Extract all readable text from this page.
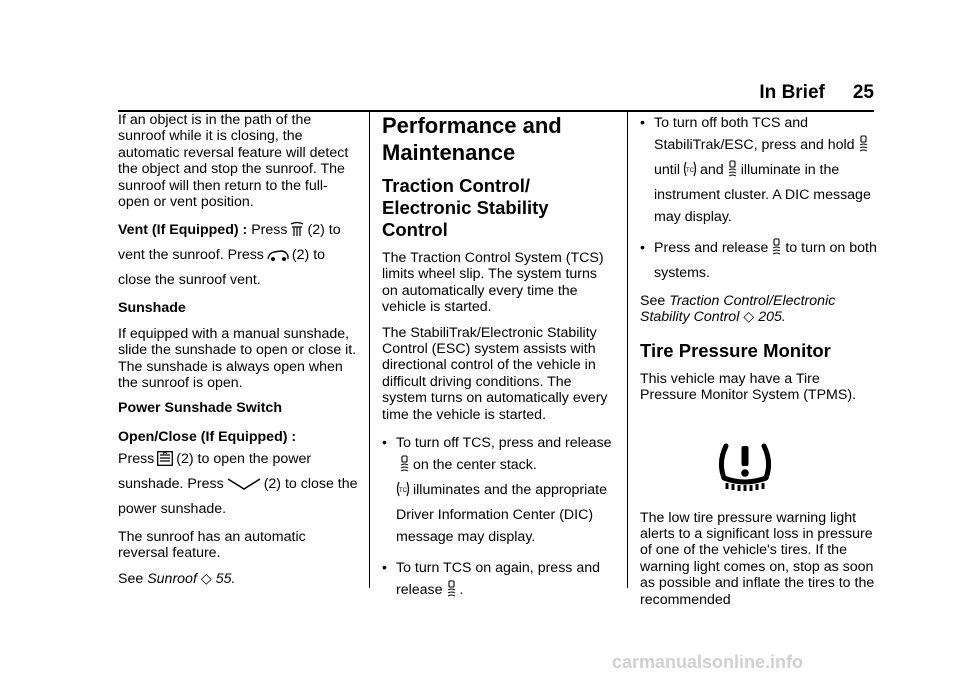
In Brief 25

If an object is in the path of the sunroof while it is closing, the automatic reversal feature will detect the object and stop the sunroof. The sunroof will then return to the full-open or vent position.

Vent (If Equipped) : Press (2) to vent the sunroof. Press (2) to close the sunroof vent.

Sunshade

If equipped with a manual sunshade, slide the sunshade to open or close it. The sunshade is always open when the sunroof is open.

Power Sunshade Switch

Open/Close (If Equipped) :
Press (2) to open the power sunshade. Press	(2) to close the power sunshade.

The sunroof has an automatic reversal feature.

See Sunroof ◇ 55.

Performance and Maintenance

Traction Control/ Electronic Stability Control

The Traction Control System (TCS) limits wheel slip. The system turns on automatically every time the vehicle is started.

The StabiliTrak/Electronic Stability Control (ESC) system assists with directional control of the vehicle in difficult driving conditions. The system turns on automatically every time the vehicle is started.

• To turn off TCS, press and releaseon the center stack.

TC illuminates and the appropriate Driver Information Center (DIC) message may display.
• To turn TCS on again, press and release .
• To turn off both TCS and StabiliTrak/ESC, press and holduntil TC and illuminate in the instrument cluster. A DIC message may display.
• Press and release to turn on both systems.

See Traction Control/Electronic Stability Control ◇ 205.

Tire Pressure Monitor

This vehicle may have a Tire Pressure Monitor System (TPMS).

The low tire pressure warning light alerts to a significant loss in pressure of one of the vehicle's tires. If the warning light comes on, stop as soon as possible and inflate the tires to the recommended

carmanualsonline.info
